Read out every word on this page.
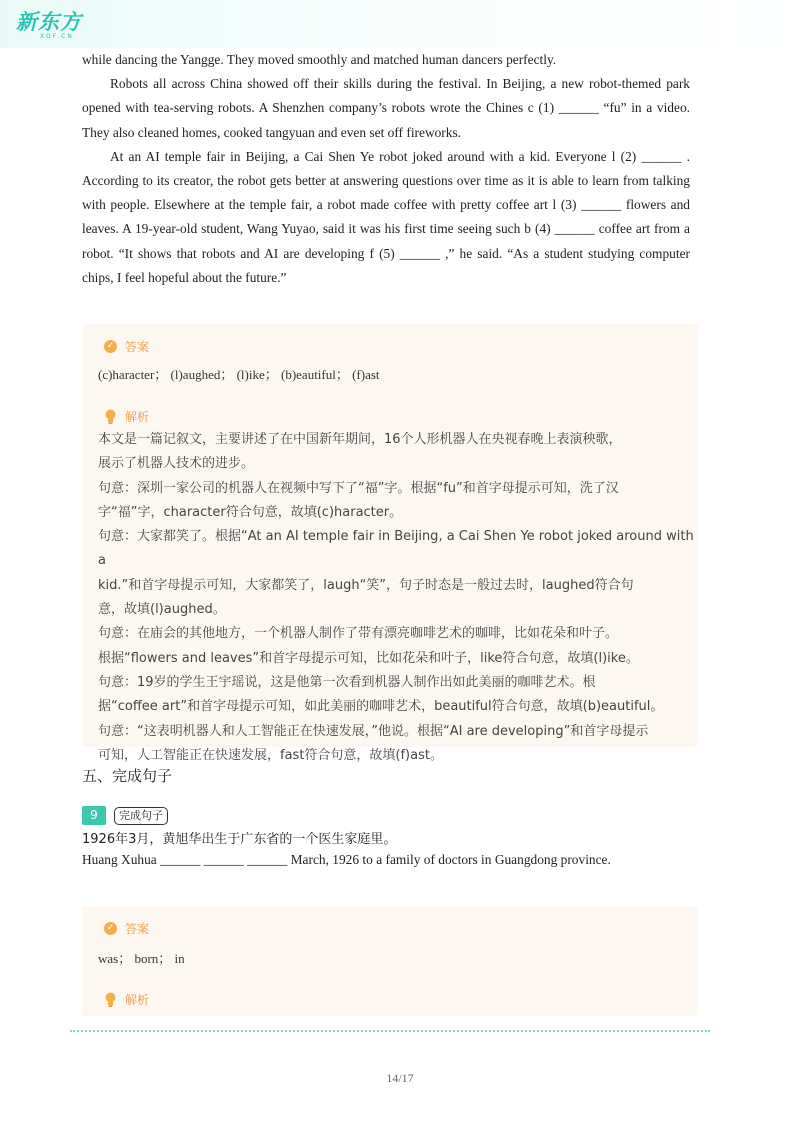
新东方
XDF.CN

while dancing the Yangge. They moved smoothly and matched human dancers perfectly.

Robots all across China showed off their skills during the festival. In Beijing, a new robot-themed park opened with tea-serving robots. A Shenzhen company’s robots wrote the Chines c (1) ______ “fu” in a video. They also cleaned homes, cooked tangyuan and even set off fireworks.

At an AI temple fair in Beijing, a Cai Shen Ye robot joked around with a kid. Everyone l (2) ______ . According to its creator, the robot gets better at answering questions over time as it is able to learn from talking with people. Elsewhere at the temple fair, a robot made coffee with pretty coffee art l (3) ______ flowers and leaves. A 19-year-old student, Wang Yuyao, said it was his first time seeing such b (4) ______ coffee art from a robot. “It shows that robots and AI are developing f (5) ______ ,” he said. “As a student studying computer chips, I feel hopeful about the future.”

✓ 答案
(c)haracter； (l)aughed； (l)ike； (b)eautiful； (f)ast
解析

本文是一篇记叙文，主要讲述了在中国新年期间，16个人形机器人在央视春晚上表演秧歌，

展示了机器人技术的进步。

句意：深圳一家公司的机器人在视频中写下了“福”字。根据“fu”和首字母提示可知，洗了汉

字“福”字，character符合句意，故填(c)haracter。

句意：大家都笑了。根据“At an AI temple fair in Beijing, a Cai Shen Ye robot joked around with a

kid.”和首字母提示可知，大家都笑了，laugh“笑”，句子时态是一般过去时，laughed符合句

意，故填(l)aughed。

句意：在庙会的其他地方，一个机器人制作了带有漂亮咖啡艺术的咖啡，比如花朵和叶子。

根据“flowers and leaves”和首字母提示可知，比如花朵和叶子，like符合句意，故填(l)ike。

句意：19岁的学生王宇瑶说，这是他第一次看到机器人制作出如此美丽的咖啡艺术。根

据“coffee art”和首字母提示可知，如此美丽的咖啡艺术，beautiful符合句意，故填(b)eautiful。

句意：“这表明机器人和人工智能正在快速发展，”他说。根据“AI are developing”和首字母提示

可知，人工智能正在快速发展，fast符合句意，故填(f)ast。

五、完成句子
9	完成句子
1926年3月，黄旭华出生于广东省的一个医生家庭里。
Huang Xuhua ______ ______ ______ March, 1926 to a family of doctors in Guangdong province.
✓ 答案
was； born； in
解析
14/17
